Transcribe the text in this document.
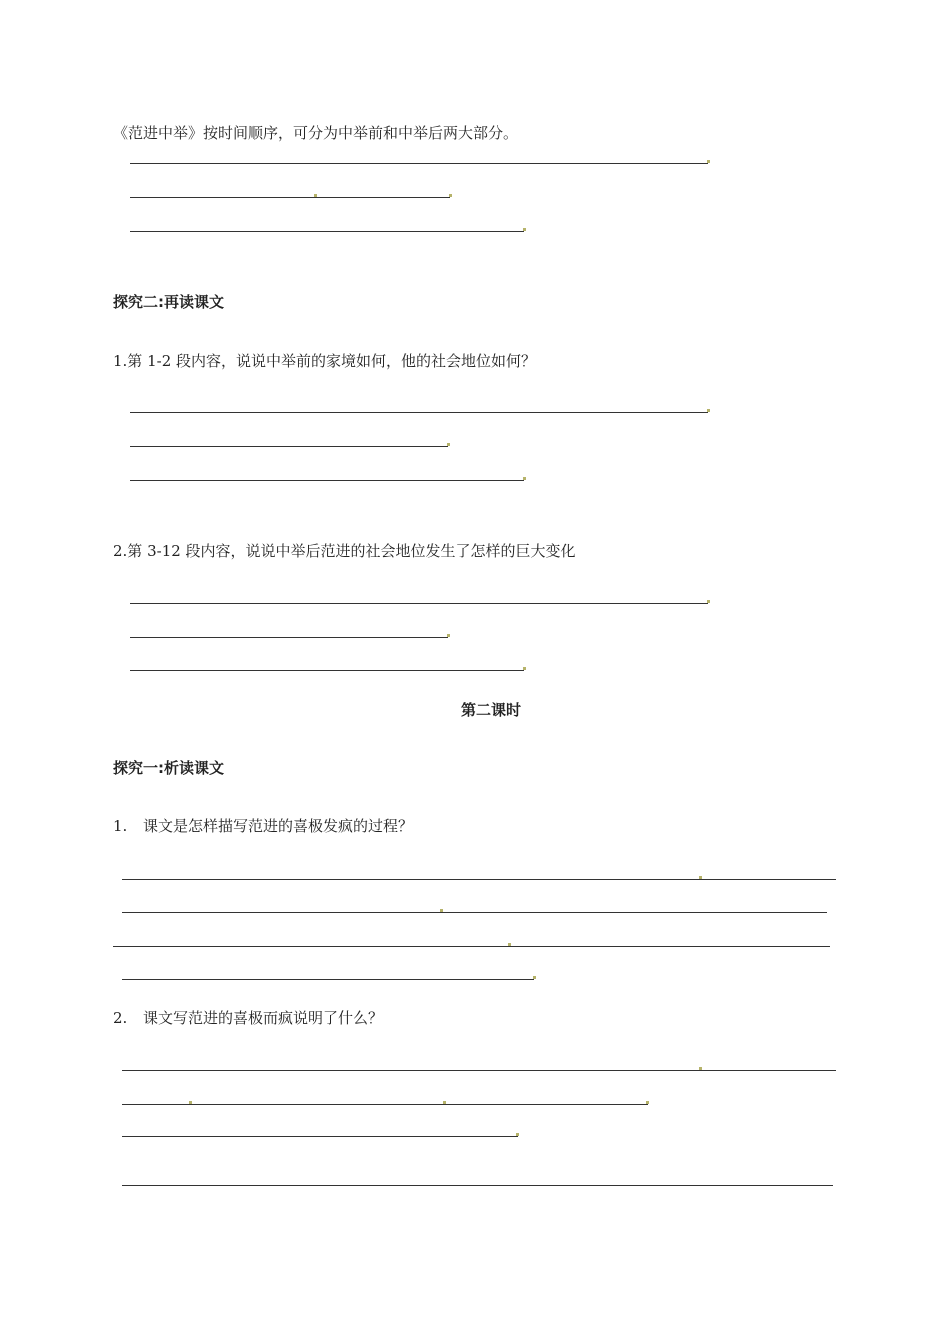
《范进中举》按时间顺序，可分为中举前和中举后两大部分。
探究二:再读课文
1.第 1-2 段内容，说说中举前的家境如何，他的社会地位如何？
2.第 3-12 段内容，说说中举后范进的社会地位发生了怎样的巨大变化
第二课时
探究一:析读课文
1. 课文是怎样描写范进的喜极发疯的过程？
2. 课文写范进的喜极而疯说明了什么？
